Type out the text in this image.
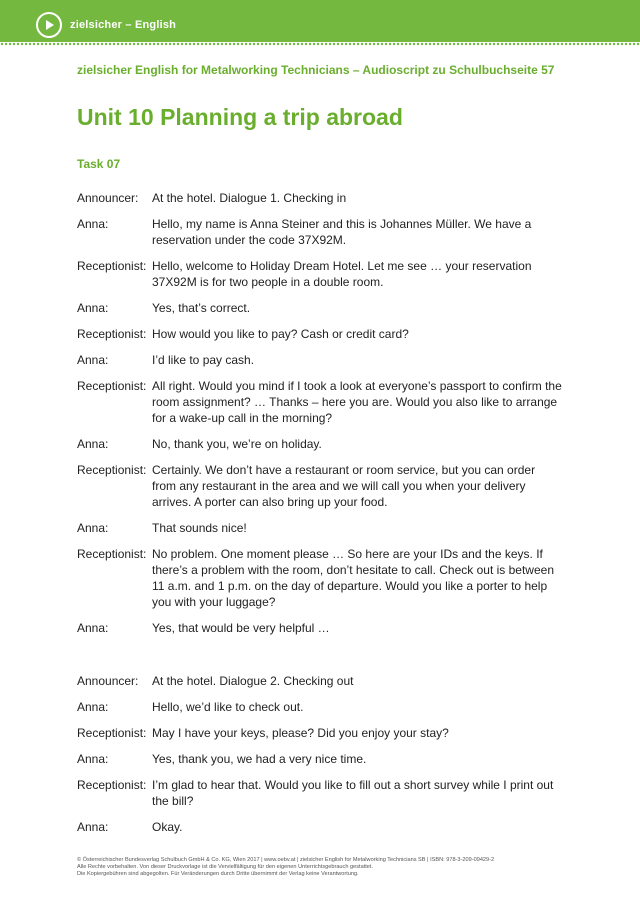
zielsicher – English
zielsicher English for Metalworking Technicians – Audioscript zu Schulbuchseite 57
Unit 10 Planning a trip abroad
Task 07
Announcer:	At the hotel. Dialogue 1. Checking in
Anna:	Hello, my name is Anna Steiner and this is Johannes Müller. We have a reservation under the code 37X92M.
Receptionist: Hello, welcome to Holiday Dream Hotel. Let me see … your reservation 37X92M is for two people in a double room.
Anna:	Yes, that’s correct.
Receptionist: How would you like to pay? Cash or credit card?
Anna:	I’d like to pay cash.
Receptionist: All right. Would you mind if I took a look at everyone’s passport to confirm the room assignment? … Thanks – here you are. Would you also like to arrange for a wake-up call in the morning?
Anna:	No, thank you, we’re on holiday.
Receptionist: Certainly. We don’t have a restaurant or room service, but you can order from any restaurant in the area and we will call you when your delivery arrives. A porter can also bring up your food.
Anna:	That sounds nice!
Receptionist: No problem. One moment please … So here are your IDs and the keys. If there’s a problem with the room, don’t hesitate to call. Check out is between 11 a.m. and 1 p.m. on the day of departure. Would you like a porter to help you with your luggage?
Anna:	Yes, that would be very helpful …
Announcer:	At the hotel. Dialogue 2. Checking out
Anna:	Hello, we’d like to check out.
Receptionist: May I have your keys, please? Did you enjoy your stay?
Anna:	Yes, thank you, we had a very nice time.
Receptionist: I’m glad to hear that. Would you like to fill out a short survey while I print out the bill?
Anna:	Okay.
© Österreichischer Bundesverlag Schulbuch GmbH & Co. KG, Wien 2017 | www.oebv.at | zielsicher English for Metalworking Technicians SB | ISBN: 978-3-209-09429-2
Alle Rechte vorbehalten. Von dieser Druckvorlage ist die Vervielfältigung für den eigenen Unterrichtsgebrauch gestattet.
Die Kopiergebühren sind abgegolten. Für Veränderungen durch Dritte übernimmt der Verlag keine Verantwortung.
